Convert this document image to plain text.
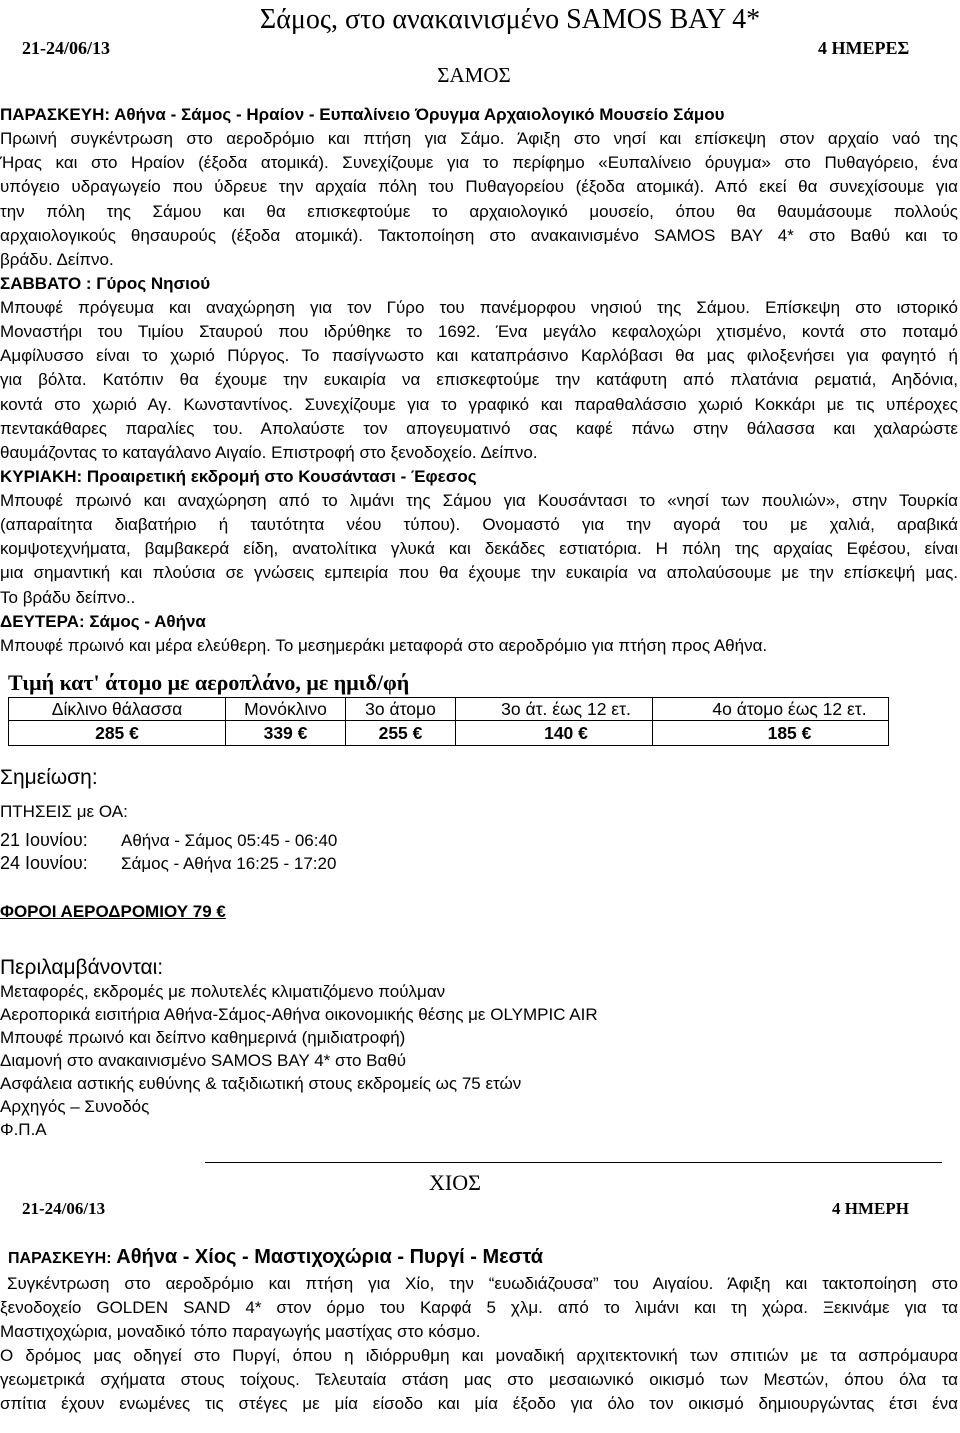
Σάμος, στο ανακαινισμένο SAMOS BAY 4*
21-24/06/13	4 ΗΜΕΡΕΣ
ΣΑΜΟΣ
ΠΑΡΑΣΚΕΥΗ: Αθήνα - Σάμος - Ηραίον - Ευπαλίνειο Όρυγμα Αρχαιολογικό Μουσείο Σάμου
Πρωινή συγκέντρωση στο αεροδρόμιο και πτήση για Σάμο. Άφιξη στο νησί και επίσκεψη στον αρχαίο ναό της
Ήρας και στο Ηραίον (έξοδα ατομικά). Συνεχίζουμε για το περίφημο «Ευπαλίνειο όρυγμα» στο Πυθαγόρειο, ένα
υπόγειο υδραγωγείο που ύδρευε την αρχαία πόλη του Πυθαγορείου (έξοδα ατομικά). Από εκεί θα συνεχίσουμε για
την πόλη της Σάμου και θα επισκεφτούμε το αρχαιολογικό μουσείο, όπου θα θαυμάσουμε πολλούς
αρχαιολογικούς θησαυρούς (έξοδα ατομικά). Τακτοποίηση στο ανακαινισμένο SAMOS BAY 4* στο Βαθύ και το
βράδυ. Δείπνο.
ΣΑΒΒΑΤΟ : Γύρος Νησιού
Μπουφέ πρόγευμα και αναχώρηση για τον Γύρο του πανέμορφου νησιού της Σάμου. Επίσκεψη στο ιστορικό
Μοναστήρι του Τιμίου Σταυρού που ιδρύθηκε το 1692. Ένα μεγάλο κεφαλοχώρι χτισμένο, κοντά στο ποταμό
Αμφίλυσσο είναι το χωριό Πύργος. Το πασίγνωστο και καταπράσινο Καρλόβασι θα μας φιλοξενήσει για φαγητό ή
για βόλτα. Κατόπιν θα έχουμε την ευκαιρία να επισκεφτούμε την κατάφυτη από πλατάνια ρεματιά, Αηδόνια,
κοντά στο χωριό Αγ. Κωνσταντίνος. Συνεχίζουμε για το γραφικό και παραθαλάσσιο χωριό Κοκκάρι με τις υπέροχες
πεντακάθαρες παραλίες του. Απολαύστε τον απογευματινό σας καφέ πάνω στην θάλασσα και χαλαρώστε
θαυμάζοντας το καταγάλανο Αιγαίο. Επιστροφή στο ξενοδοχείο. Δείπνο.
ΚΥΡΙΑΚΗ: Προαιρετική εκδρομή στο Κουσάντασι - Έφεσος
Μπουφέ πρωινό και αναχώρηση από το λιμάνι της Σάμου για Κουσάντασι το «νησί των πουλιών», στην Τουρκία
(απαραίτητα διαβατήριο ή ταυτότητα νέου τύπου). Ονομαστό για την αγορά του με χαλιά, αραβικά
κομψοτεχνήματα, βαμβακερά είδη, ανατολίτικα γλυκά και δεκάδες εστιατόρια. Η πόλη της αρχαίας Εφέσου, είναι
μια σημαντική και πλούσια σε γνώσεις εμπειρία που θα έχουμε την ευκαιρία να απολαύσουμε με την επίσκεψή μας.
Το βράδυ δείπνο..
ΔΕΥΤΕΡΑ: Σάμος - Αθήνα
Μπουφέ πρωινό και μέρα ελεύθερη. Το μεσημεράκι μεταφορά στο αεροδρόμιο για πτήση προς Αθήνα.
Τιμή κατ' άτομο με αεροπλάνο, με ημιδ/φή
Δίκλινο θάλασσα	Μονόκλινο	3ο άτομο	3ο άτ. έως 12 ετ.	4ο άτομο έως 12 ετ.
285 €	339 €	255 €	140 €	185 €
Σημείωση:
ΠΤΗΣΕΙΣ με ΟΑ:
21 Ιουνίου: Αθήνα - Σάμος 05:45 - 06:40
24 Ιουνίου: Σάμος - Αθήνα 16:25 - 17:20
ΦΟΡΟΙ ΑΕΡΟΔΡΟΜΙΟΥ 79 €
Περιλαμβάνονται:
Μεταφορές, εκδρομές με πολυτελές κλιματιζόμενο πούλμαν
Αεροπορικά εισιτήρια Αθήνα-Σάμος-Αθήνα οικονομικής θέσης με OLYMPIC AIR
Μπουφέ πρωινό και δείπνο καθημερινά (ημιδιατροφή)
Διαμονή στο ανακαινισμένο SAMOS BAY 4* στο Βαθύ
Ασφάλεια αστικής ευθύνης & ταξιδιωτική στους εκδρομείς ως 75 ετών
Αρχηγός – Συνοδός
Φ.Π.Α
ΧΙΟΣ
21-24/06/13	4 ΗΜΕΡΗ
ΠΑΡΑΣΚΕΥΗ: Αθήνα - Χίος - Μαστιχοχώρια - Πυργί - Μεστά
Συγκέντρωση στο αεροδρόμιο και πτήση για Χίο, την “ευωδιάζουσα” του Αιγαίου. Άφιξη και τακτοποίηση στο
ξενοδοχείο GOLDEN SAND 4* στον όρμο του Καρφά 5 χλμ. από το λιμάνι και τη χώρα. Ξεκινάμε για τα
Μαστιχοχώρια, μοναδικό τόπο παραγωγής μαστίχας στο κόσμο.
Ο δρόμος μας οδηγεί στο Πυργί, όπου η ιδιόρρυθμη και μοναδική αρχιτεκτονική των σπιτιών με τα ασπρόμαυρα
γεωμετρικά σχήματα στους τοίχους. Τελευταία στάση μας στο μεσαιωνικό οικισμό των Μεστών, όπου όλα τα
σπίτια έχουν ενωμένες τις στέγες με μία είσοδο και μία έξοδο για όλο τον οικισμό δημιουργώντας έτσι ένα
